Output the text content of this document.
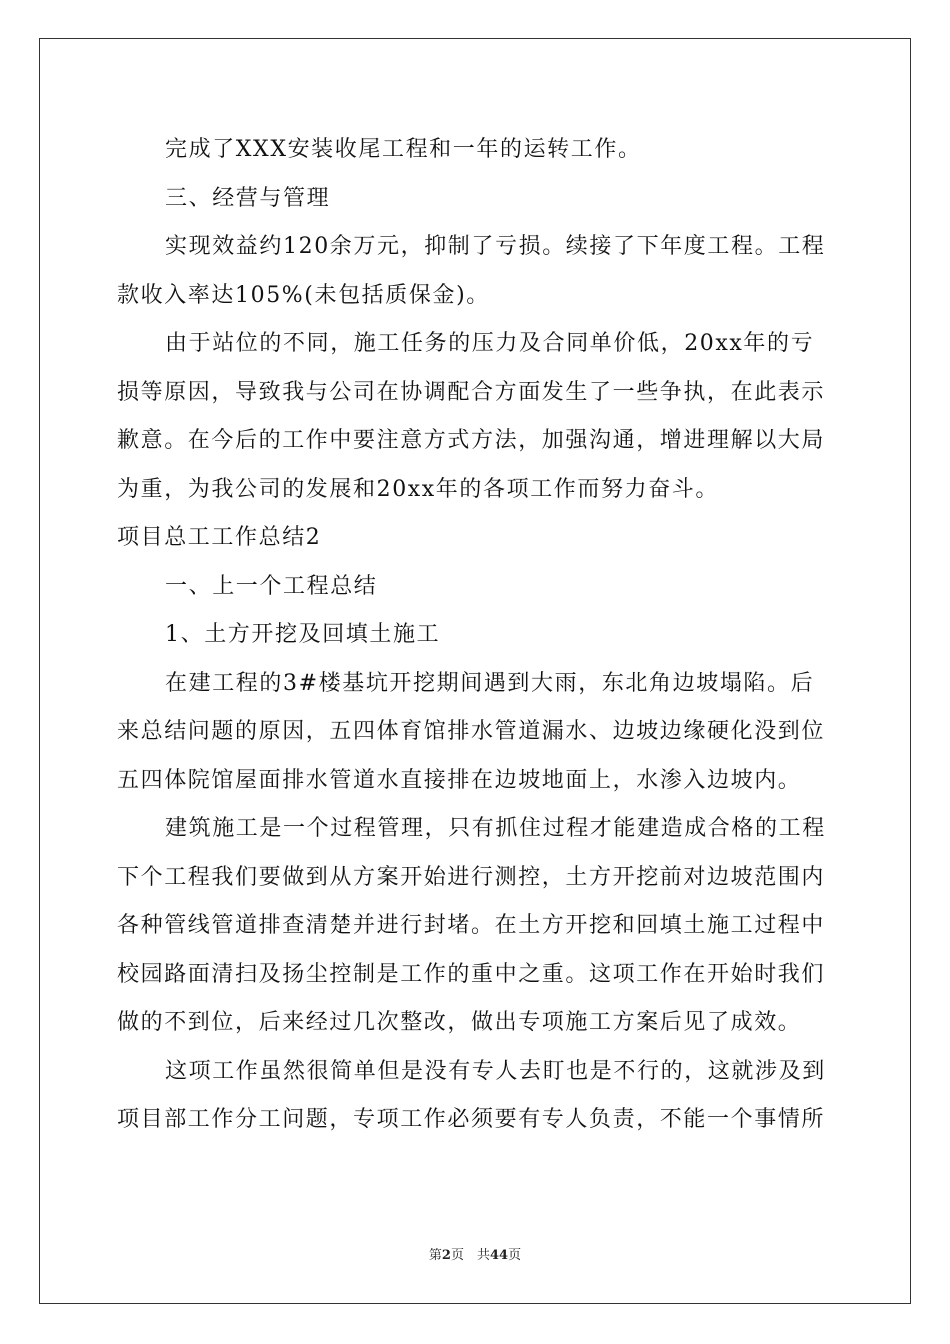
完成了XXX安装收尾工程和一年的运转工作。
三、经营与管理
实现效益约120余万元，抑制了亏损。续接了下年度工程。工程
款收入率达105%(未包括质保金)。
由于站位的不同，施工任务的压力及合同单价低，20xx年的亏
损等原因，导致我与公司在协调配合方面发生了一些争执，在此表示
歉意。在今后的工作中要注意方式方法，加强沟通，增进理解以大局
为重，为我公司的发展和20xx年的各项工作而努力奋斗。
项目总工工作总结2
一、上一个工程总结
1、土方开挖及回填土施工
在建工程的3#楼基坑开挖期间遇到大雨，东北角边坡塌陷。后
来总结问题的原因，五四体育馆排水管道漏水、边坡边缘硬化没到位
五四体院馆屋面排水管道水直接排在边坡地面上，水渗入边坡内。
建筑施工是一个过程管理，只有抓住过程才能建造成合格的工程
下个工程我们要做到从方案开始进行测控，土方开挖前对边坡范围内
各种管线管道排查清楚并进行封堵。在土方开挖和回填土施工过程中
校园路面清扫及扬尘控制是工作的重中之重。这项工作在开始时我们
做的不到位，后来经过几次整改，做出专项施工方案后见了成效。
这项工作虽然很简单但是没有专人去盯也是不行的，这就涉及到
项目部工作分工问题，专项工作必须要有专人负责，不能一个事情所
第2页　共44页
